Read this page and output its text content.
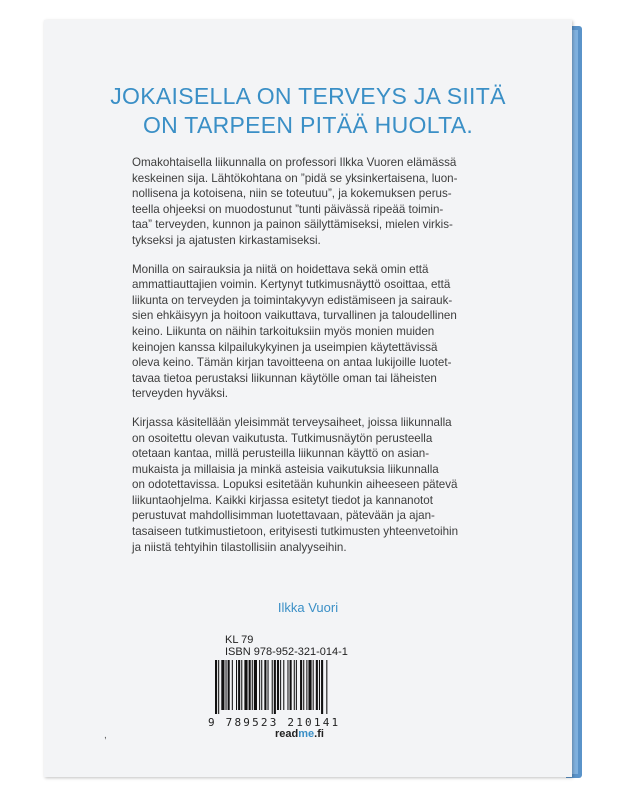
JOKAISELLA ON TERVEYS JA SIITÄ
ON TARPEEN PITÄÄ HUOLTA.

Omakohtaisella liikunnalla on professori Ilkka Vuoren elämässä
keskeinen sija. Lähtökohtana on ”pidä se yksinkertaisena, luon-
nollisena ja kotoisena, niin se toteutuu”, ja kokemuksen perus-
teella ohjeeksi on muodostunut ”tunti päivässä ripeää toimin-
taa” terveyden, kunnon ja painon säilyttämiseksi, mielen virkis-
tykseksi ja ajatusten kirkastamiseksi.

Monilla on sairauksia ja niitä on hoidettava sekä omin että
ammattiauttajien voimin. Kertynyt tutkimusnäyttö osoittaa, että
liikunta on terveyden ja toimintakyvyn edistämiseen ja sairauk-
sien ehkäisyyn ja hoitoon vaikuttava, turvallinen ja taloudellinen
keino. Liikunta on näihin tarkoituksiin myös monien muiden
keinojen kanssa kilpailukykyinen ja useimpien käytettävissä
oleva keino. Tämän kirjan tavoitteena on antaa lukijoille luotet-
tavaa tietoa perustaksi liikunnan käytölle oman tai läheisten
terveyden hyväksi.

Kirjassa käsitellään yleisimmät terveysaiheet, joissa liikunnalla
on osoitettu olevan vaikutusta. Tutkimusnäytön perusteella
otetaan kantaa, millä perusteilla liikunnan käyttö on asian-
mukaista ja millaisia ja minkä asteisia vaikutuksia liikunnalla
on odotettavissa. Lopuksi esitetään kuhunkin aiheeseen pätevä
liikuntaohjelma. Kaikki kirjassa esitetyt tiedot ja kannanotot
perustuvat mahdollisimman luotettavaan, pätevään ja ajan-
tasaiseen tutkimustietoon, erityisesti tutkimusten yhteenvetoihin
ja niistä tehtyihin tilastollisiin analyyseihin.

Ilkka Vuori
KL 79
ISBN 978-952-321-014-1
9 789523 210141
,	readme.fi
